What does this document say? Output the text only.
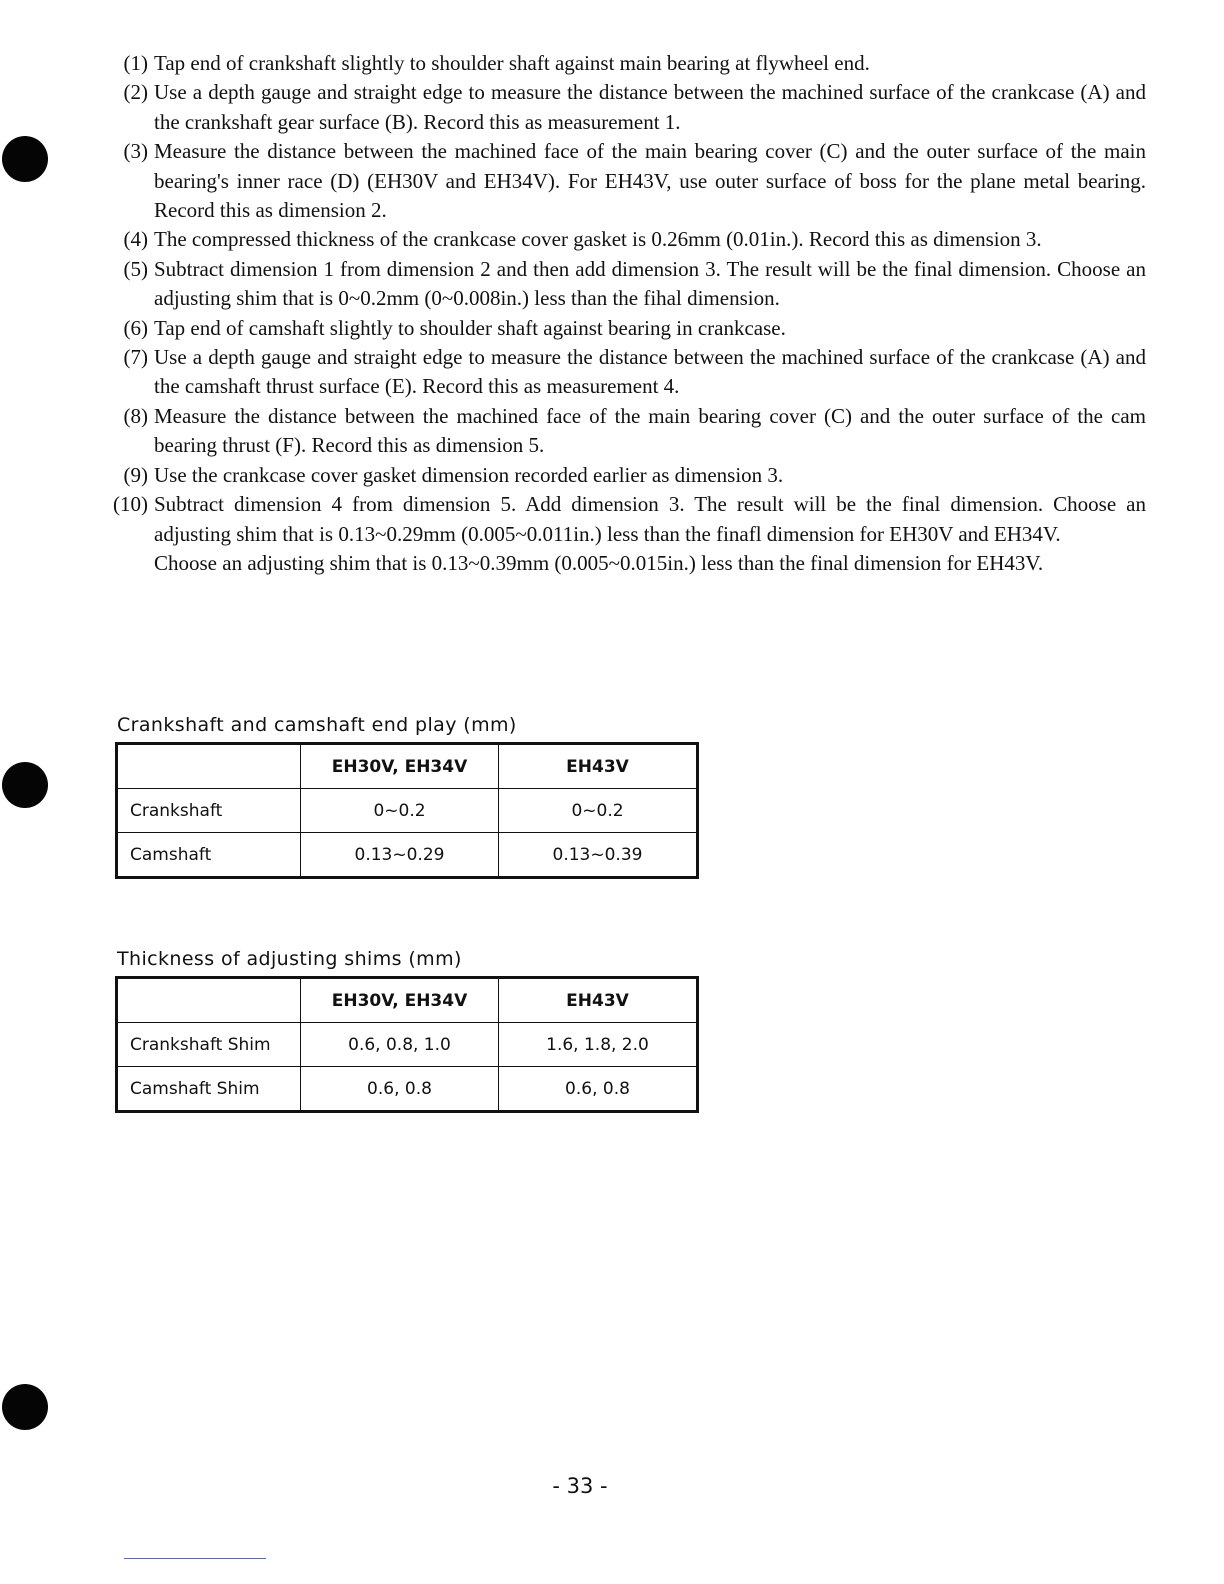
(1) Tap end of crankshaft slightly to shoulder shaft against main bearing at flywheel end.
(2) Use a depth gauge and straight edge to measure the distance between the machined surface of the crankcase (A) and the crankshaft gear surface (B). Record this as measurement 1.
(3) Measure the distance between the machined face of the main bearing cover (C) and the outer surface of the main bearing's inner race (D) (EH30V and EH34V). For EH43V, use outer surface of boss for the plane metal bearing. Record this as dimension 2.
(4) The compressed thickness of the crankcase cover gasket is 0.26mm (0.01in.). Record this as dimension 3.
(5) Subtract dimension 1 from dimension 2 and then add dimension 3. The result will be the final dimension. Choose an adjusting shim that is 0~0.2mm (0~0.008in.) less than the fihal dimension.
(6) Tap end of camshaft slightly to shoulder shaft against bearing in crankcase.
(7) Use a depth gauge and straight edge to measure the distance between the machined surface of the crankcase (A) and the camshaft thrust surface (E). Record this as measurement 4.
(8) Measure the distance between the machined face of the main bearing cover (C) and the outer surface of the cam bearing thrust (F). Record this as dimension 5.
(9) Use the crankcase cover gasket dimension recorded earlier as dimension 3.
(10) Subtract dimension 4 from dimension 5. Add dimension 3. The result will be the final dimension. Choose an adjusting shim that is 0.13~0.29mm (0.005~0.011in.) less than the finafl dimension for EH30V and EH34V.
Choose an adjusting shim that is 0.13~0.39mm (0.005~0.015in.) less than the final dimension for EH43V.
Crankshaft and camshaft end play (mm)
	EH30V, EH34V	EH43V
Crankshaft	0~0.2	0~0.2
Camshaft	0.13~0.29	0.13~0.39
Thickness of adjusting shims (mm)
	EH30V, EH34V	EH43V
Crankshaft Shim	0.6, 0.8, 1.0	1.6, 1.8, 2.0
Camshaft Shim	0.6, 0.8	0.6, 0.8
- 33 -
